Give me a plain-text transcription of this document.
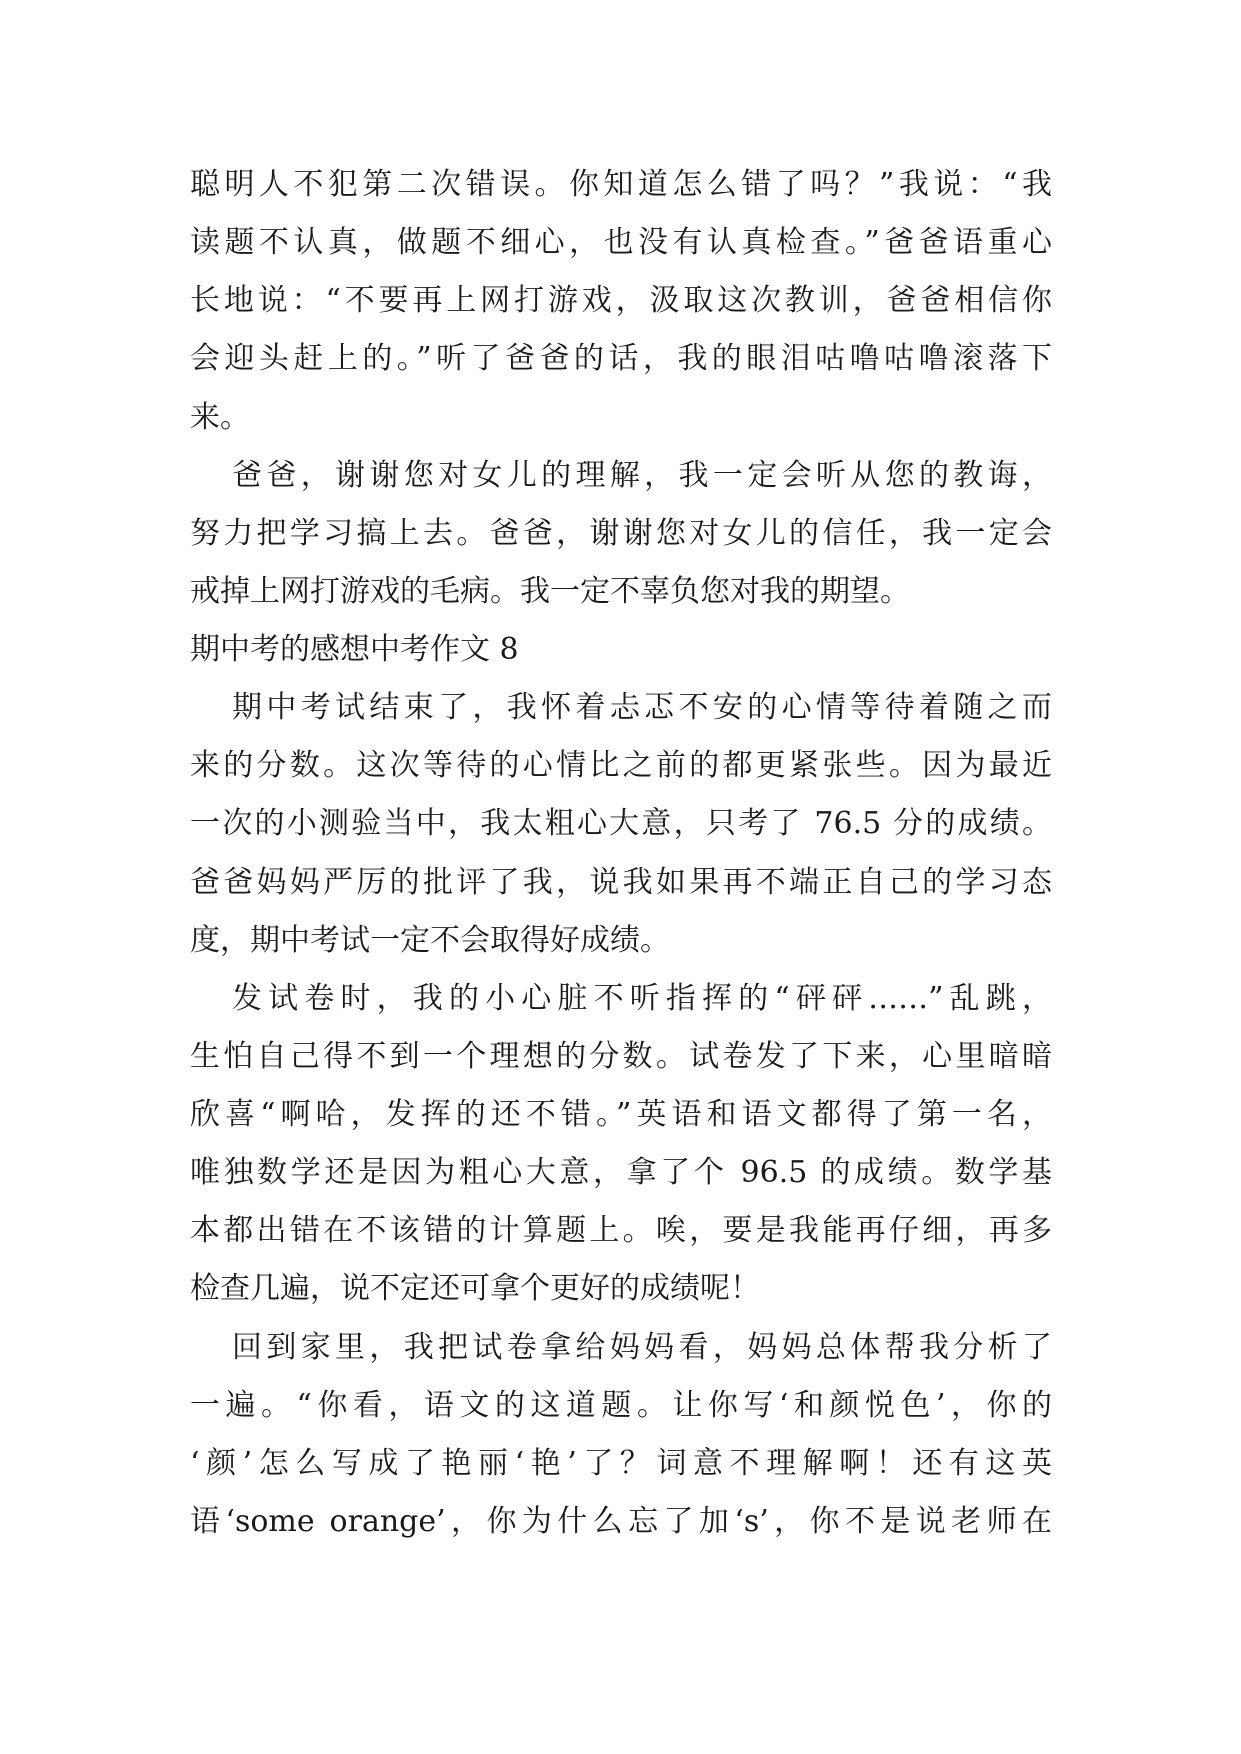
聪明人不犯第二次错误。你知道怎么错了吗？”我说：“我
读题不认真，做题不细心，也没有认真检查。”爸爸语重心
长地说：“不要再上网打游戏，汲取这次教训，爸爸相信你
会迎头赶上的。”听了爸爸的话，我的眼泪咕噜咕噜滚落下
来。
爸爸，谢谢您对女儿的理解，我一定会听从您的教诲，
努力把学习搞上去。爸爸，谢谢您对女儿的信任，我一定会
戒掉上网打游戏的毛病。我一定不辜负您对我的期望。
期中考的感想中考作文 8
期中考试结束了，我怀着忐忑不安的心情等待着随之而
来的分数。这次等待的心情比之前的都更紧张些。因为最近
一次的小测验当中，我太粗心大意，只考了 76.5 分的成绩。
爸爸妈妈严厉的批评了我，说我如果再不端正自己的学习态
度，期中考试一定不会取得好成绩。
发试卷时，我的小心脏不听指挥的“砰砰……”乱跳，
生怕自己得不到一个理想的分数。试卷发了下来，心里暗暗
欣喜“啊哈，发挥的还不错。”英语和语文都得了第一名，
唯独数学还是因为粗心大意，拿了个 96.5 的成绩。数学基
本都出错在不该错的计算题上。唉，要是我能再仔细，再多
检查几遍，说不定还可拿个更好的成绩呢！
回到家里，我把试卷拿给妈妈看，妈妈总体帮我分析了
一遍。“你看，语文的这道题。让你写‘和颜悦色’，你的
‘颜’怎么写成了艳丽‘艳’了？词意不理解啊！还有这英
语‘some orange’，你为什么忘了加‘s’，你不是说老师在
